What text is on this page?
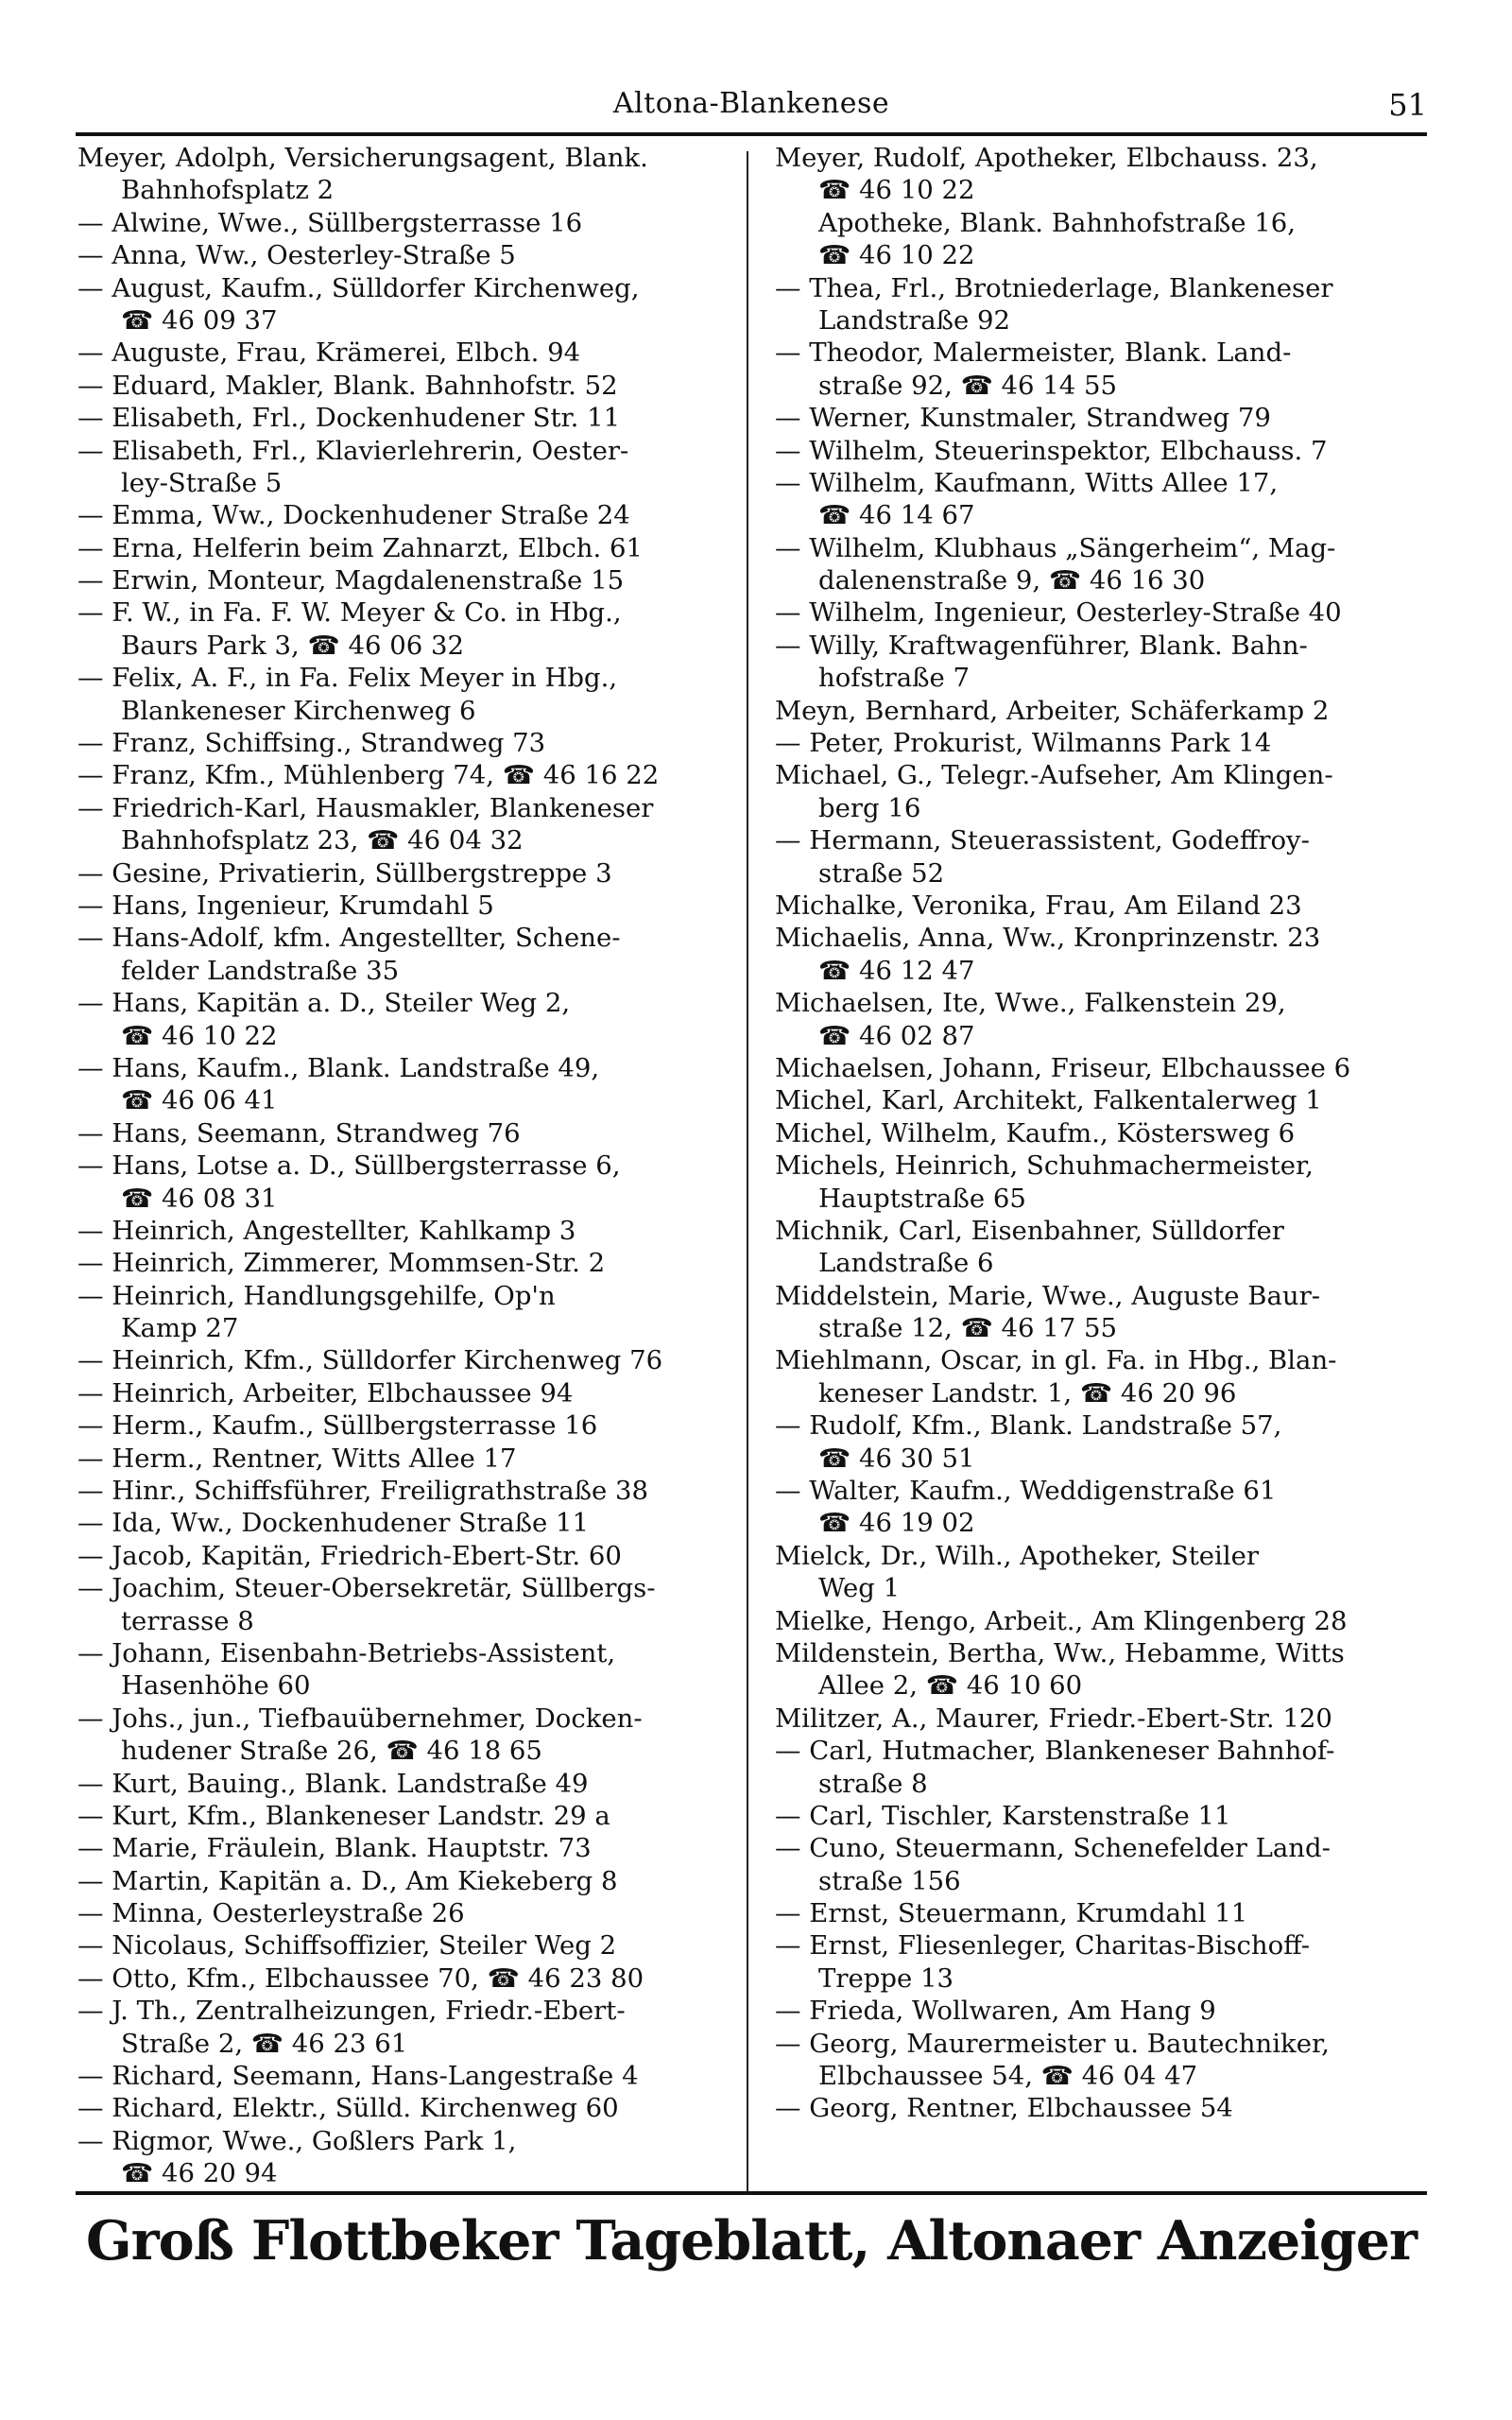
Altona-Blankenese	51
Meyer, Adolph, Versicherungsagent, Blank.
Bahnhofsplatz 2
— Alwine, Wwe., Süllbergsterrasse 16
— Anna, Ww., Oesterley-Straße 5
— August, Kaufm., Sülldorfer Kirchenweg,
☎ 46 09 37
— Auguste, Frau, Krämerei, Elbch. 94
— Eduard, Makler, Blank. Bahnhofstr. 52
— Elisabeth, Frl., Dockenhudener Str. 11
— Elisabeth, Frl., Klavierlehrerin, Oester-
ley-Straße 5
— Emma, Ww., Dockenhudener Straße 24
— Erna, Helferin beim Zahnarzt, Elbch. 61
— Erwin, Monteur, Magdalenenstraße 15
— F. W., in Fa. F. W. Meyer & Co. in Hbg.,
Baurs Park 3, ☎ 46 06 32
— Felix, A. F., in Fa. Felix Meyer in Hbg.,
Blankeneser Kirchenweg 6
— Franz, Schiffsing., Strandweg 73
— Franz, Kfm., Mühlenberg 74, ☎ 46 16 22
— Friedrich-Karl, Hausmakler, Blankeneser
Bahnhofsplatz 23, ☎ 46 04 32
— Gesine, Privatierin, Süllbergstreppe 3
— Hans, Ingenieur, Krumdahl 5
— Hans-Adolf, kfm. Angestellter, Schene-
felder Landstraße 35
— Hans, Kapitän a. D., Steiler Weg 2,
☎ 46 10 22
— Hans, Kaufm., Blank. Landstraße 49,
☎ 46 06 41
— Hans, Seemann, Strandweg 76
— Hans, Lotse a. D., Süllbergsterrasse 6,
☎ 46 08 31
— Heinrich, Angestellter, Kahlkamp 3
— Heinrich, Zimmerer, Mommsen-Str. 2
— Heinrich, Handlungsgehilfe, Op'n
Kamp 27
— Heinrich, Kfm., Sülldorfer Kirchenweg 76
— Heinrich, Arbeiter, Elbchaussee 94
— Herm., Kaufm., Süllbergsterrasse 16
— Herm., Rentner, Witts Allee 17
— Hinr., Schiffsführer, Freiligrathstraße 38
— Ida, Ww., Dockenhudener Straße 11
— Jacob, Kapitän, Friedrich-Ebert-Str. 60
— Joachim, Steuer-Obersekretär, Süllbergs-
terrasse 8
— Johann, Eisenbahn-Betriebs-Assistent,
Hasenhöhe 60
— Johs., jun., Tiefbauübernehmer, Docken-
hudener Straße 26, ☎ 46 18 65
— Kurt, Bauing., Blank. Landstraße 49
— Kurt, Kfm., Blankeneser Landstr. 29 a
— Marie, Fräulein, Blank. Hauptstr. 73
— Martin, Kapitän a. D., Am Kiekeberg 8
— Minna, Oesterleystraße 26
— Nicolaus, Schiffsoffizier, Steiler Weg 2
— Otto, Kfm., Elbchaussee 70, ☎ 46 23 80
— J. Th., Zentralheizungen, Friedr.-Ebert-
Straße 2, ☎ 46 23 61
— Richard, Seemann, Hans-Langestraße 4
— Richard, Elektr., Sülld. Kirchenweg 60
— Rigmor, Wwe., Goßlers Park 1,
☎ 46 20 94
Meyer, Rudolf, Apotheker, Elbchauss. 23,
☎ 46 10 22
Apotheke, Blank. Bahnhofstraße 16,
☎ 46 10 22
— Thea, Frl., Brotniederlage, Blankeneser
Landstraße 92
— Theodor, Malermeister, Blank. Land-
straße 92, ☎ 46 14 55
— Werner, Kunstmaler, Strandweg 79
— Wilhelm, Steuerinspektor, Elbchauss. 7
— Wilhelm, Kaufmann, Witts Allee 17,
☎ 46 14 67
— Wilhelm, Klubhaus „Sängerheim“, Mag-
dalenenstraße 9, ☎ 46 16 30
— Wilhelm, Ingenieur, Oesterley-Straße 40
— Willy, Kraftwagenführer, Blank. Bahn-
hofstraße 7
Meyn, Bernhard, Arbeiter, Schäferkamp 2
— Peter, Prokurist, Wilmanns Park 14
Michael, G., Telegr.-Aufseher, Am Klingen-
berg 16
— Hermann, Steuerassistent, Godeffroy-
straße 52
Michalke, Veronika, Frau, Am Eiland 23
Michaelis, Anna, Ww., Kronprinzenstr. 23
☎ 46 12 47
Michaelsen, Ite, Wwe., Falkenstein 29,
☎ 46 02 87
Michaelsen, Johann, Friseur, Elbchaussee 6
Michel, Karl, Architekt, Falkentalerweg 1
Michel, Wilhelm, Kaufm., Köstersweg 6
Michels, Heinrich, Schuhmachermeister,
Hauptstraße 65
Michnik, Carl, Eisenbahner, Sülldorfer
Landstraße 6
Middelstein, Marie, Wwe., Auguste Baur-
straße 12, ☎ 46 17 55
Miehlmann, Oscar, in gl. Fa. in Hbg., Blan-
keneser Landstr. 1, ☎ 46 20 96
— Rudolf, Kfm., Blank. Landstraße 57,
☎ 46 30 51
— Walter, Kaufm., Weddigenstraße 61
☎ 46 19 02
Mielck, Dr., Wilh., Apotheker, Steiler
Weg 1
Mielke, Hengo, Arbeit., Am Klingenberg 28
Mildenstein, Bertha, Ww., Hebamme, Witts
Allee 2, ☎ 46 10 60
Militzer, A., Maurer, Friedr.-Ebert-Str. 120
— Carl, Hutmacher, Blankeneser Bahnhof-
straße 8
— Carl, Tischler, Karstenstraße 11
— Cuno, Steuermann, Schenefelder Land-
straße 156
— Ernst, Steuermann, Krumdahl 11
— Ernst, Fliesenleger, Charitas-Bischoff-
Treppe 13
— Frieda, Wollwaren, Am Hang 9
— Georg, Maurermeister u. Bautechniker,
Elbchaussee 54, ☎ 46 04 47
— Georg, Rentner, Elbchaussee 54
Groß Flottbeker Tageblatt, Altonaer Anzeiger
